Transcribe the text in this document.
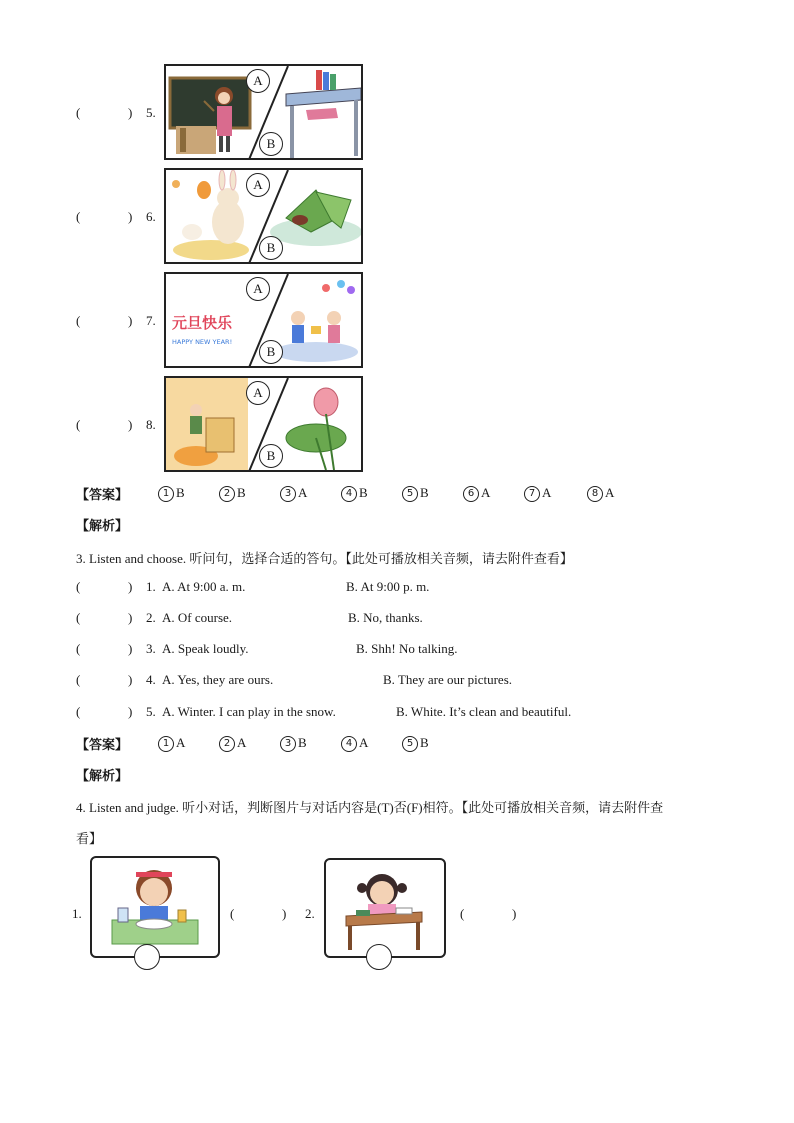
(	) 5.
A
B
(	) 6.
A
B
(	) 7. 元旦快乐
HAPPY NEW YEAR!
A
B
(	) 8.
A
B
【答案】	1 B	2 B	3 A	4 B	5 B	6 A	7 A	8 A
【解析】
3. Listen and choose. 听问句，选择合适的答句。【此处可播放相关音频，请去附件查看】
(	) 1. A. At 9:00 a. m.	B. At 9:00 p. m.
(	) 2. A. Of course.	B. No, thanks.
(	) 3. A. Speak loudly.	B. Shh! No talking.
(	) 4. A. Yes, they are ours.	B. They are our pictures.
(	) 5. A. Winter. I can play in the snow.	B. White. It’s clean and beautiful.
【答案】	1 A	2 A	3 B	4 A	5 B
【解析】
4. Listen and judge. 听小对话，判断图片与对话内容是(T)否(F)相符。【此处可播放相关音频，请去附件查
看】
1.	(	) 2.	(	)
